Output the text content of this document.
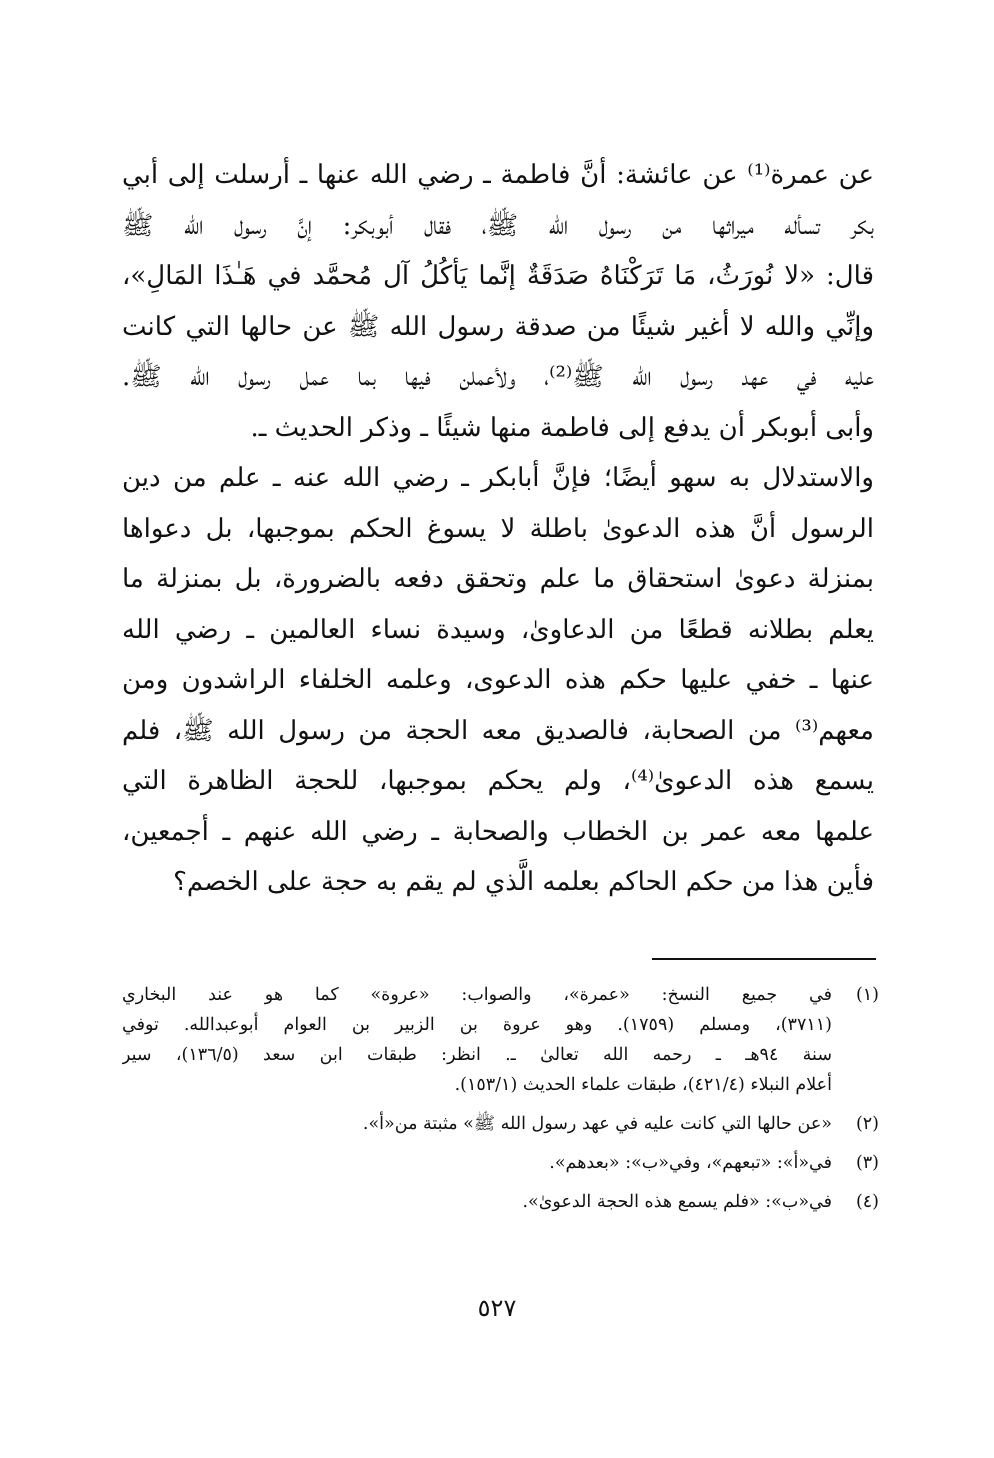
عن عمرة⁽¹⁾ عن عائشة: أنَّ فاطمة ـ رضي الله عنها ـ أرسلت إلى أبي
بكر تسأله ميراثها من رسول الله ﷺ، فقال أبوبكر: إنَّ رسول الله ﷺ
قال: «لا نُورَثُ، مَا تَرَكْنَاهُ صَدَقَةٌ إنَّما يَأكُلُ آل مُحمَّد في هَـٰذَا المَالِ»،
وإنِّي والله لا أغير شيئًا من صدقة رسول الله ﷺ عن حالها التي كانت
عليه في عهد رسول الله ﷺ⁽²⁾، ولأعملن فيها بما عمل رسول الله ﷺ.
وأبى أبوبكر أن يدفع إلى فاطمة منها شيئًا ـ وذكر الحديث ـ.
والاستدلال به سهو أيضًا؛ فإنَّ أبابكر ـ رضي الله عنه ـ علم من دين
الرسول أنَّ هذه الدعوىٰ باطلة لا يسوغ الحكم بموجبها، بل دعواها
بمنزلة دعوىٰ استحقاق ما علم وتحقق دفعه بالضرورة، بل بمنزلة ما
يعلم بطلانه قطعًا من الدعاوىٰ، وسيدة نساء العالمين ـ رضي الله
عنها ـ خفي عليها حكم هذه الدعوى، وعلمه الخلفاء الراشدون ومن
معهم⁽³⁾ من الصحابة، فالصديق معه الحجة من رسول الله ﷺ، فلم
يسمع هذه الدعوىٰ⁽⁴⁾، ولم يحكم بموجبها، للحجة الظاهرة التي
علمها معه عمر بن الخطاب والصحابة ـ رضي الله عنهم ـ أجمعين،
فأين هذا من حكم الحاكم بعلمه الَّذي لم يقم به حجة على الخصم؟
(١)
في جميع النسخ: «عمرة»، والصواب: «عروة» كما هو عند البخاري
(٣٧١١)، ومسلم (١٧٥٩). وهو عروة بن الزبير بن العوام أبوعبدالله. توفي
سنة ٩٤هـ ـ رحمه الله تعالىٰ ـ. انظر: طبقات ابن سعد (١٣٦/٥)، سير
أعلام النبلاء (٤٢١/٤)، طبقات علماء الحديث (١٥٣/١).
(٢)
«عن حالها التي كانت عليه في عهد رسول الله ﷺ» مثبتة من«أ».
(٣)
في«أ»: «تبعهم»، وفي«ب»: «بعدهم».
(٤)
في«ب»: «فلم يسمع هذه الحجة الدعوىٰ».
٥٢٧
